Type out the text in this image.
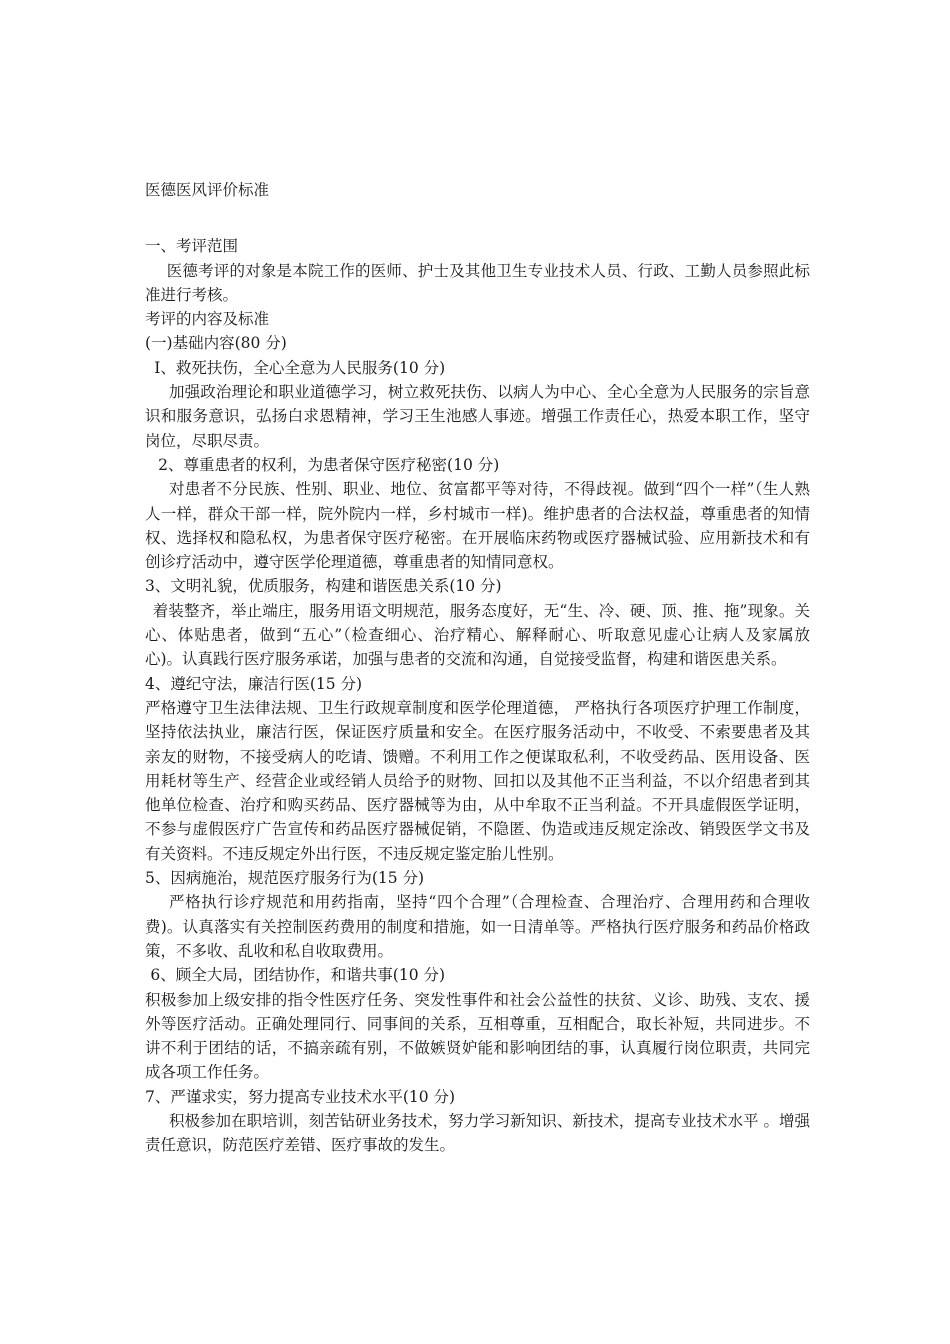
医德医风评价标准

一、考评范围

医德考评的对象是本院工作的医师、护士及其他卫生专业技术人员、行政、工勤人员参照此标准进行考核。

考评的内容及标准

(一)基础内容(80 分)

I、救死扶伤，全心全意为人民服务(10 分)

加强政治理论和职业道德学习，树立救死扶伤、以病人为中心、全心全意为人民服务的宗旨意识和服务意识，弘扬白求恩精神，学习王生池感人事迹。增强工作责任心，热爱本职工作，坚守岗位，尽职尽责。

2、尊重患者的权利，为患者保守医疗秘密(10 分)

对患者不分民族、性别、职业、地位、贫富都平等对待，不得歧视。做到“四个一样”（生人熟人一样，群众干部一样，院外院内一样，乡村城市一样)。维护患者的合法权益，尊重患者的知情权、选择权和隐私权，为患者保守医疗秘密。在开展临床药物或医疗器械试验、应用新技术和有创诊疗活动中，遵守医学伦理道德，尊重患者的知情同意权。

3、文明礼貌，优质服务，构建和谐医患关系(10 分)

着装整齐，举止端庄，服务用语文明规范，服务态度好，无“生、冷、硬、顶、推、拖”现象。关心、体贴患者，做到“五心”（检查细心、治疗精心、解释耐心、听取意见虚心让病人及家属放心)。认真践行医疗服务承诺，加强与患者的交流和沟通，自觉接受监督，构建和谐医患关系。

4、遵纪守法，廉洁行医(15 分)

严格遵守卫生法律法规、卫生行政规章制度和医学伦理道德， 严格执行各项医疗护理工作制度，坚持依法执业，廉洁行医，保证医疗质量和安全。在医疗服务活动中，不收受、不索要患者及其亲友的财物，不接受病人的吃请、馈赠。不利用工作之便谋取私利，不收受药品、医用设备、医用耗材等生产、经营企业或经销人员给予的财物、回扣以及其他不正当利益，不以介绍患者到其他单位检查、治疗和购买药品、医疗器械等为由，从中牟取不正当利益。不开具虚假医学证明，不参与虚假医疗广告宣传和药品医疗器械促销，不隐匿、伪造或违反规定涂改、销毁医学文书及有关资料。不违反规定外出行医，不违反规定鉴定胎儿性别。

5、因病施治，规范医疗服务行为(15 分)

严格执行诊疗规范和用药指南，坚持“四个合理”（合理检查、合理治疗、合理用药和合理收费)。认真落实有关控制医药费用的制度和措施，如一日清单等。严格执行医疗服务和药品价格政策，不多收、乱收和私自收取费用。

6、顾全大局，团结协作，和谐共事(10 分)

积极参加上级安排的指令性医疗任务、突发性事件和社会公益性的扶贫、义诊、助残、支农、援外等医疗活动。正确处理同行、同事间的关系，互相尊重，互相配合，取长补短，共同进步。不讲不利于团结的话，不搞亲疏有别，不做嫉贤妒能和影响团结的事，认真履行岗位职责，共同完成各项工作任务。

7、严谨求实，努力提高专业技术水平(10 分)

积极参加在职培训，刻苦钻研业务技术，努力学习新知识、新技术，提高专业技术水平 。增强责任意识，防范医疗差错、医疗事故的发生。
